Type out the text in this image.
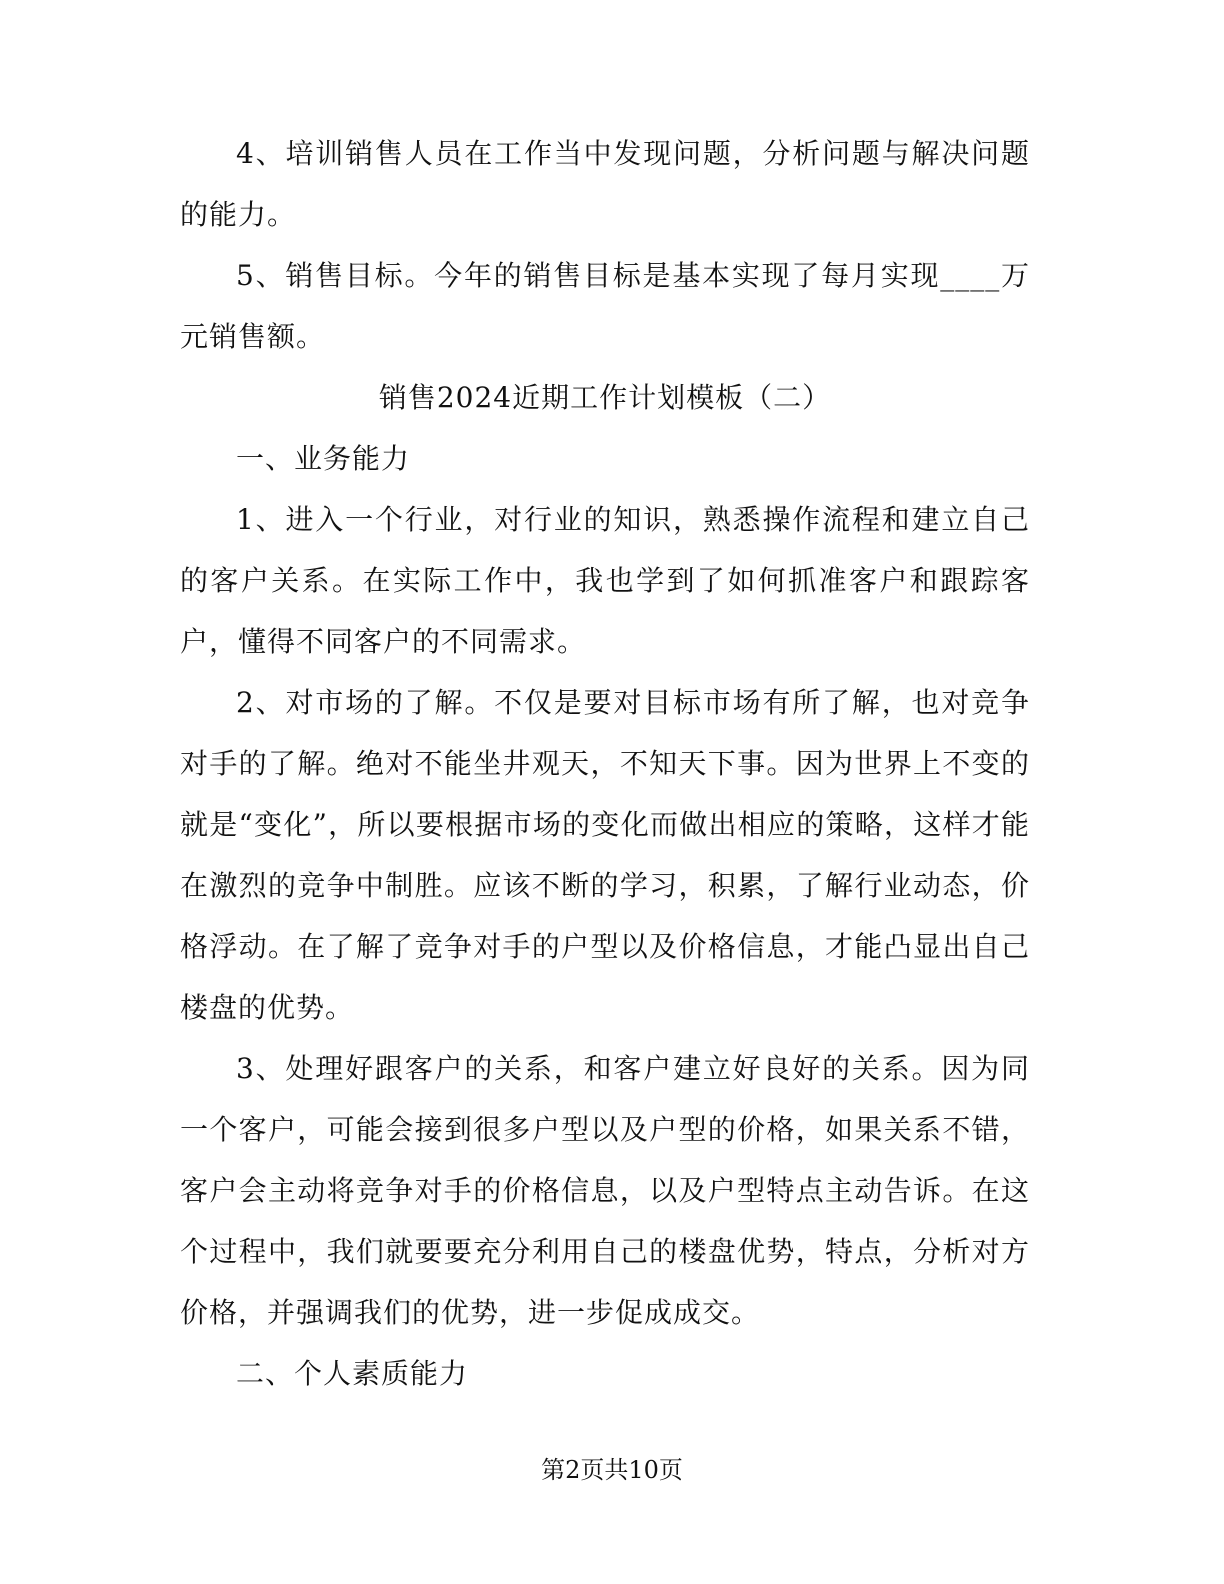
4、培训销售人员在工作当中发现问题，分析问题与解决问题的能力。

5、销售目标。今年的销售目标是基本实现了每月实现____万元销售额。

销售2024近期工作计划模板（二）

一、业务能力

1、进入一个行业，对行业的知识，熟悉操作流程和建立自己的客户关系。在实际工作中，我也学到了如何抓准客户和跟踪客户，懂得不同客户的不同需求。

2、对市场的了解。不仅是要对目标市场有所了解，也对竞争对手的了解。绝对不能坐井观天，不知天下事。因为世界上不变的就是“变化”，所以要根据市场的变化而做出相应的策略，这样才能在激烈的竞争中制胜。应该不断的学习，积累，了解行业动态，价格浮动。在了解了竞争对手的户型以及价格信息，才能凸显出自己楼盘的优势。

3、处理好跟客户的关系，和客户建立好良好的关系。因为同一个客户，可能会接到很多户型以及户型的价格，如果关系不错，客户会主动将竞争对手的价格信息，以及户型特点主动告诉。在这个过程中，我们就要要充分利用自己的楼盘优势，特点，分析对方价格，并强调我们的优势，进一步促成成交。

二、个人素质能力

第2页共10页
